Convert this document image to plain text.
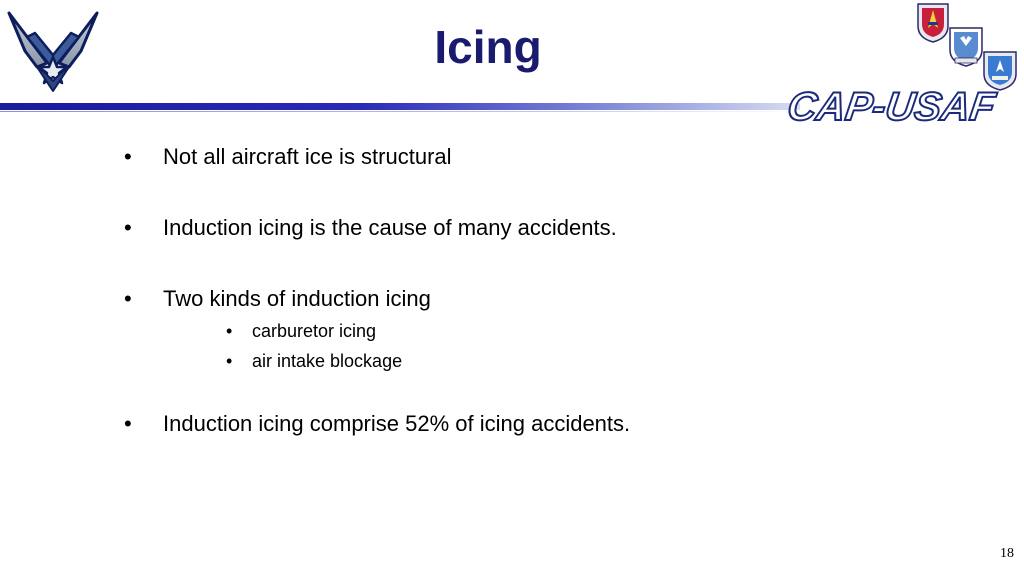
Icing
CAP-USAF
• Not all aircraft ice is structural
• Induction icing is the cause of many accidents.
• Two kinds of induction icing
• carburetor icing
• air intake blockage
• Induction icing comprise 52% of icing accidents.
18
